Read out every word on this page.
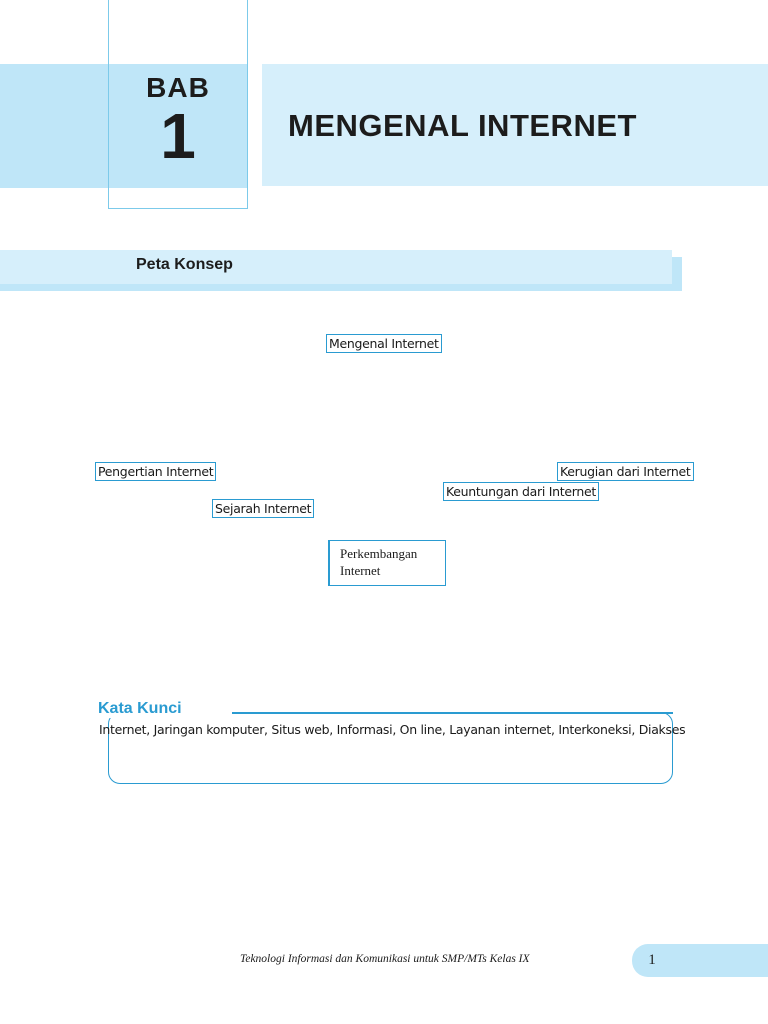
BAB
1	MENGENAL INTERNET
Peta Konsep
Mengenal Internet
Pengertian Internet
Sejarah Internet
Keuntungan dari Internet
Kerugian dari Internet
Perkembangan Internet
Kata Kunci
Internet, Jaringan komputer, Situs web, Informasi, On line, Layanan internet, Interkoneksi, Diakses
Teknologi Informasi dan Komunikasi untuk SMP/MTs Kelas IX	1
